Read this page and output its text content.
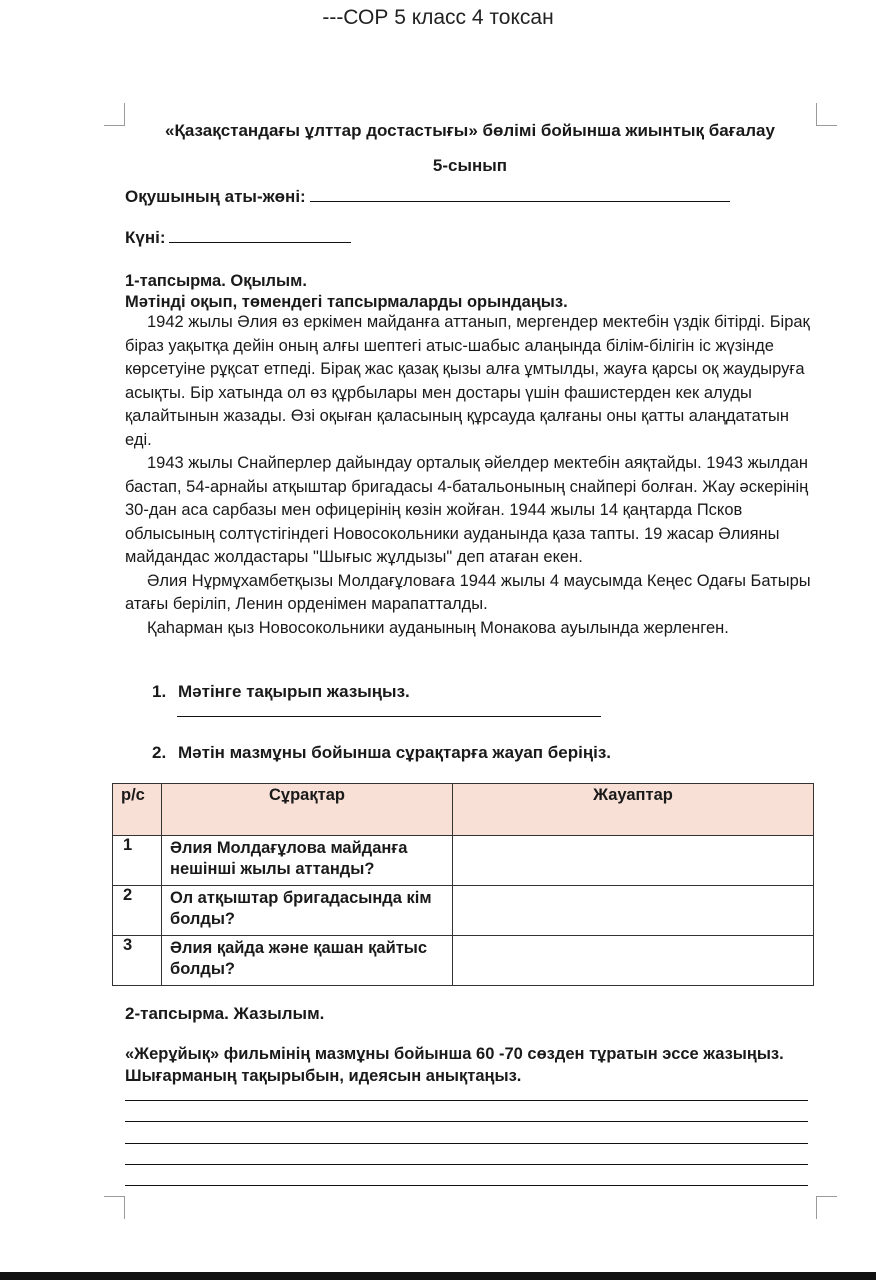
---СОР 5 класс 4 токсан
«Қазақстандағы ұлттар достастығы» бөлімі бойынша жиынтық бағалау
5-сынып
Оқушының аты-жөні:
Күні:
1-тапсырма. Оқылым.
Мәтінді оқып, төмендегі тапсырмаларды орындаңыз.

1942 жылы Әлия өз еркімен майданға аттанып, мергендер мектебін үздік бітірді. Бірақ біраз уақытқа дейін оның алғы шептегі атыс-шабыс алаңында білім-білігін іс жүзінде көрсетуіне рұқсат етпеді. Бірақ жас қазақ қызы алға ұмтылды, жауға қарсы оқ жаудыруға асықты. Бір хатында ол өз құрбылары мен достары үшін фашистерден кек алуды қалайтынын жазады. Өзі оқыған қаласының құрсауда қалғаны оны қатты алаңдататын еді.

1943 жылы Снайперлер дайындау орталық әйелдер мектебін аяқтайды. 1943 жылдан бастап, 54-арнайы атқыштар бригадасы 4-батальонының снайпері болған. Жау әскерінің 30-дан аса сарбазы мен офицерінің көзін жойған. 1944 жылы 14 қаңтарда Псков облысының солтүстігіндегі Новосокольники ауданында қаза тапты. 19 жасар Әлияны майдандас жолдастары "Шығыс жұлдызы" деп атаған екен.

Әлия Нұрмұхамбетқызы Молдағұловаға 1944 жылы 4 маусымда Кеңес Одағы Батыры атағы беріліп, Ленин орденімен марапатталды.

Қаһарман қыз Новосокольники ауданының Монакова ауылында жерленген.

1. Мәтінге тақырып жазыңыз.
2. Мәтін мазмұны бойынша сұрақтарға жауап беріңіз.
р/с	Сұрақтар	Жауаптар
1	Әлия Молдағұлова майданға нешінші жылы аттанды?	
2	Ол атқыштар бригадасында кім болды?	
3	Әлия қайда және қашан қайтыс болды?	
2-тапсырма. Жазылым.
«Жерұйық» фильмінің мазмұны бойынша 60 -70 сөзден тұратын эссе жазыңыз. Шығарманың тақырыбын, идеясын анықтаңыз.
